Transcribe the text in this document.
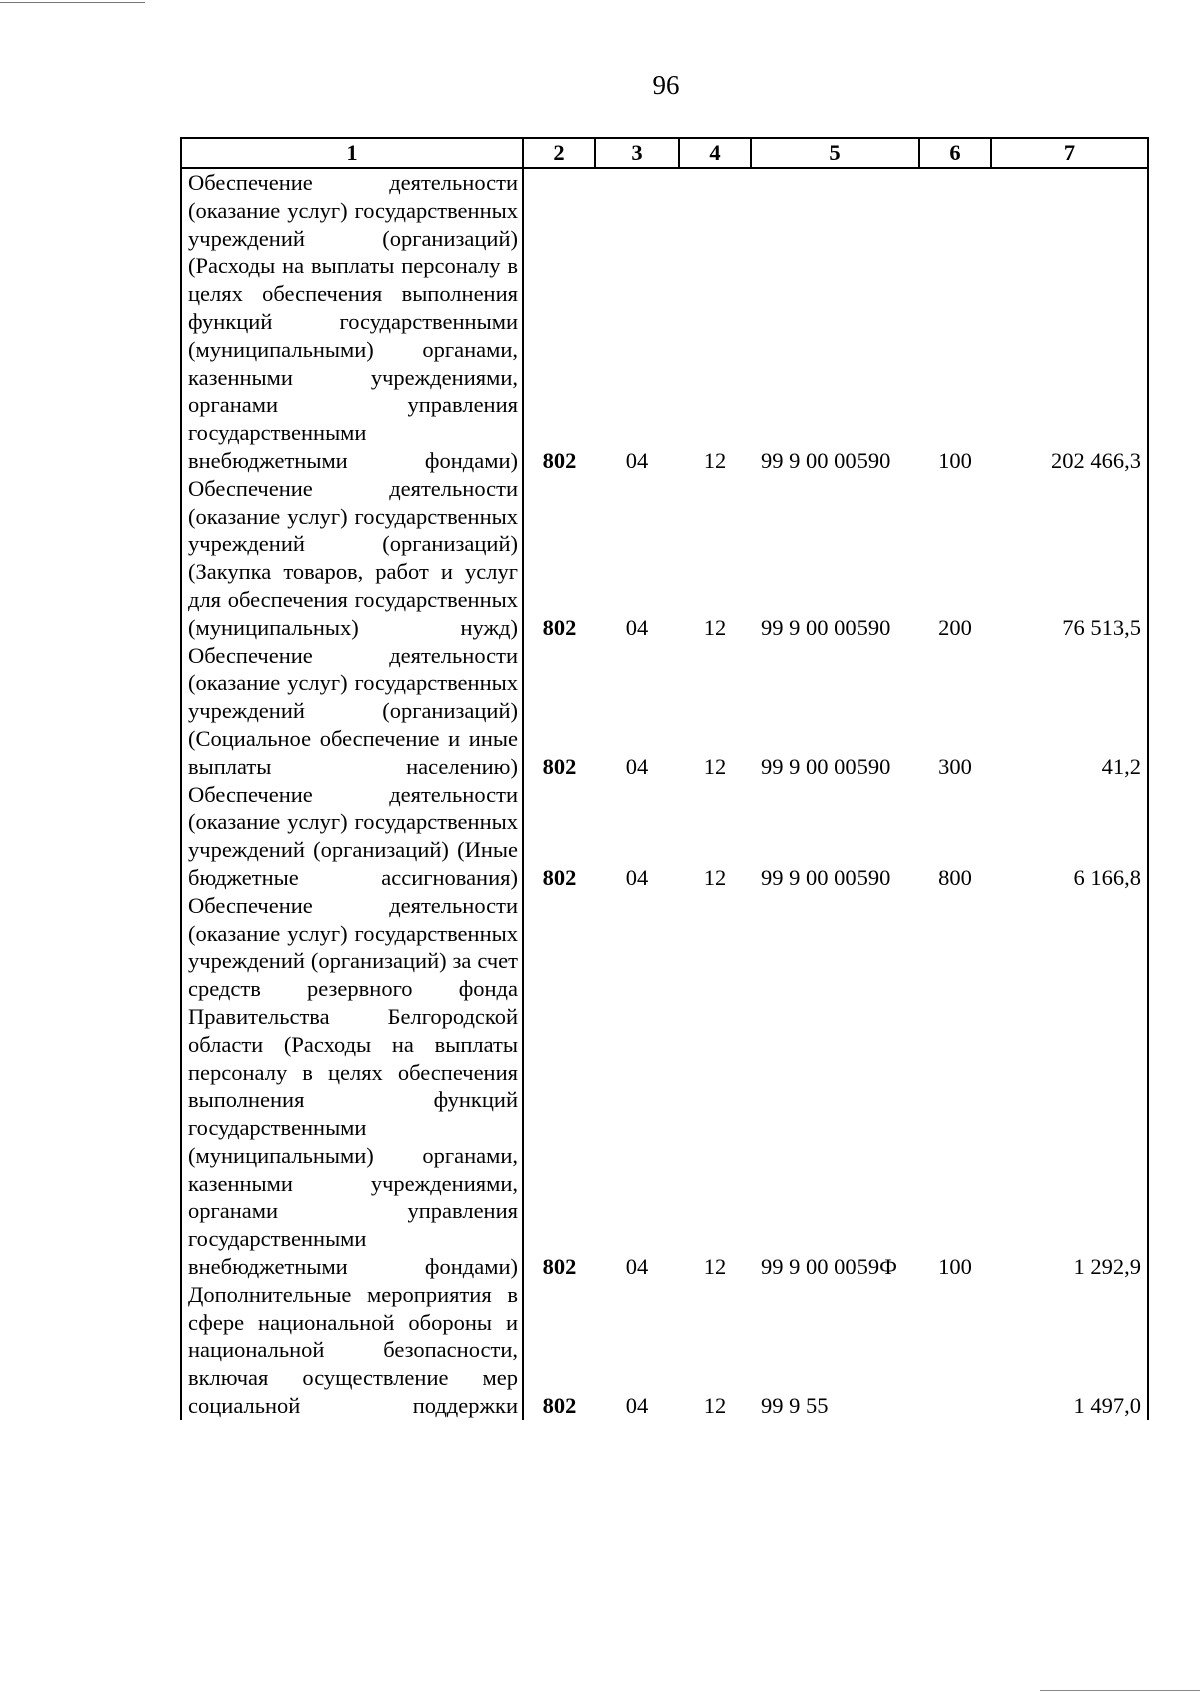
96
1	2	3	4	5	6	7
Обеспечение деятельности (оказание услуг) государственных учреждений (организаций) (Расходы на выплаты персоналу в целях обеспечения выполнения функций государственными (муниципальными) органами, казенными учреждениями, органами управления государственными внебюджетными фондами)	802	04	12	99 9 00 00590	100	202 466,3
Обеспечение деятельности (оказание услуг) государственных учреждений (организаций) (Закупка товаров, работ и услуг для обеспечения государственных (муниципальных) нужд)	802	04	12	99 9 00 00590	200	76 513,5
Обеспечение деятельности (оказание услуг) государственных учреждений (организаций) (Социальное обеспечение и иные выплаты населению)	802	04	12	99 9 00 00590	300	41,2
Обеспечение деятельности (оказание услуг) государственных учреждений (организаций) (Иные бюджетные ассигнования)	802	04	12	99 9 00 00590	800	6 166,8
Обеспечение деятельности (оказание услуг) государственных учреждений (организаций) за счет средств резервного фонда Правительства Белгородской области (Расходы на выплаты персоналу в целях обеспечения выполнения функций государственными (муниципальными) органами, казенными учреждениями, органами управления государственными внебюджетными фондами)	802	04	12	99 9 00 0059Ф	100	1 292,9
Дополнительные мероприятия в сфере национальной обороны и национальной безопасности, включая осуществление мер социальной поддержки	802	04	12	99 9 55		1 497,0
